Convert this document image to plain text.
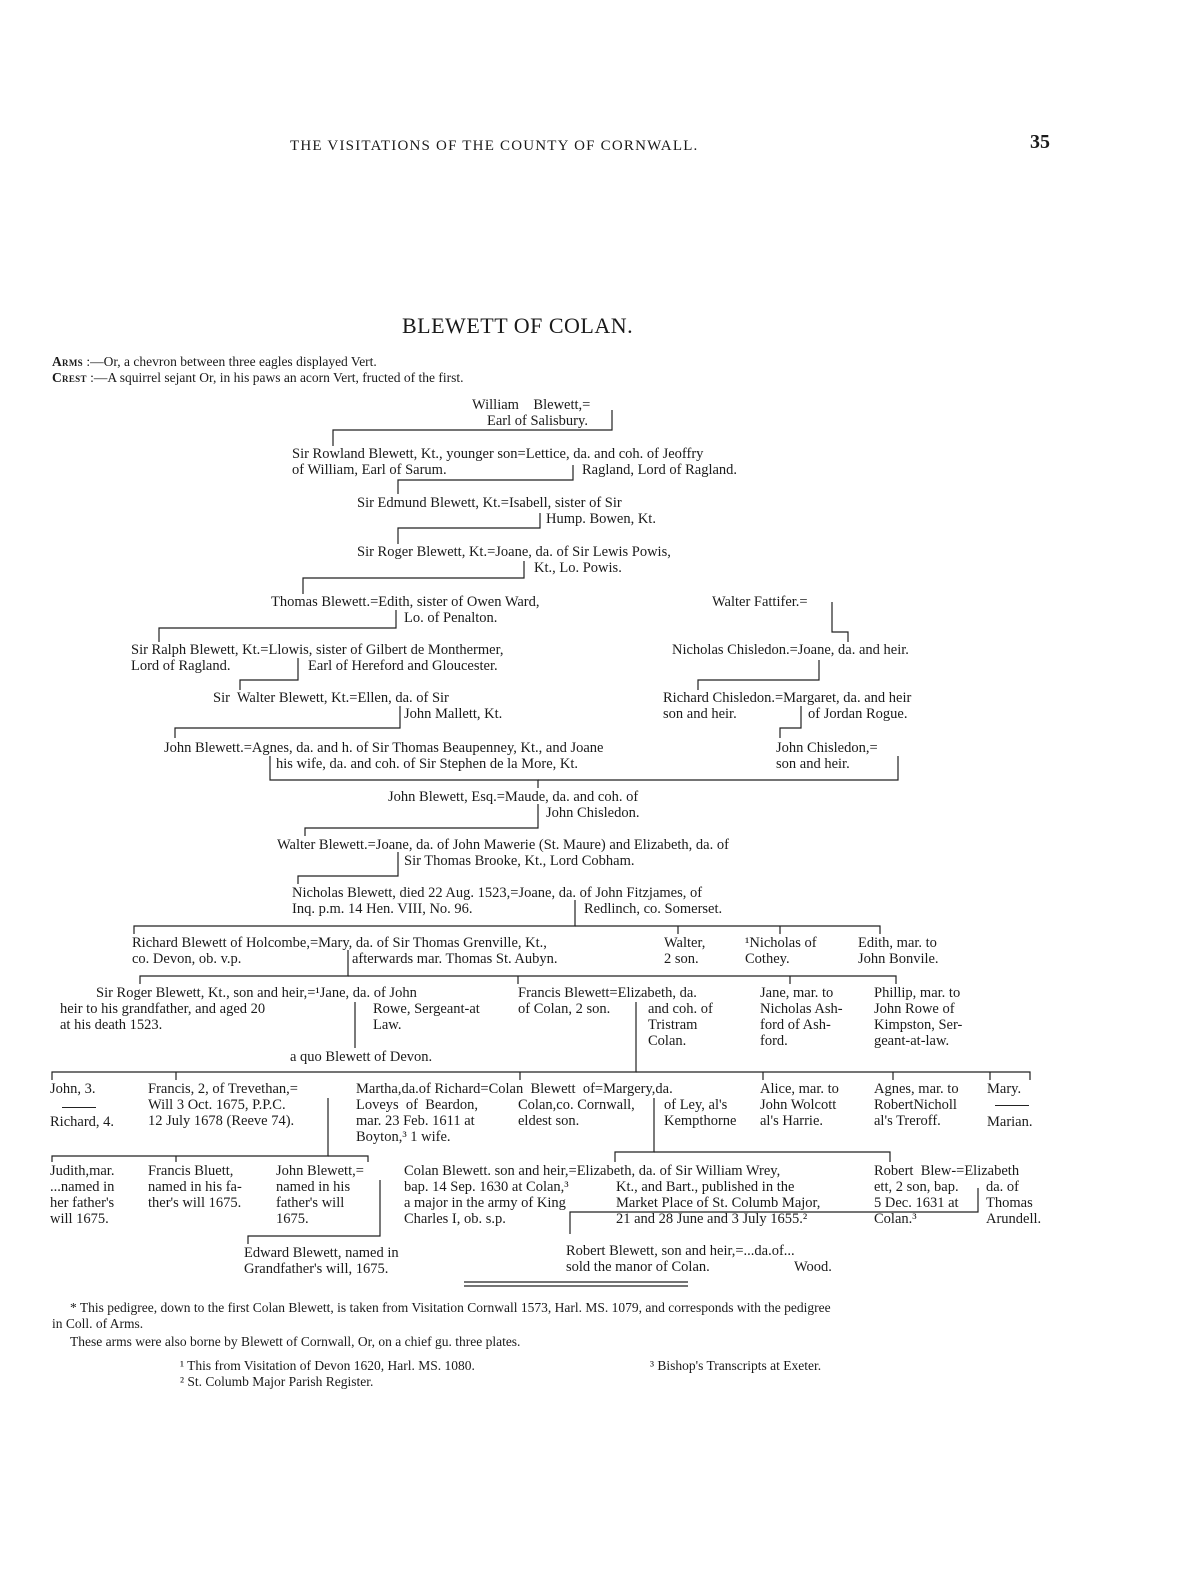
THE VISITATIONS OF THE COUNTY OF CORNWALL.	35
BLEWETT OF COLAN.
Arms :—Or, a chevron between three eagles displayed Vert.
Crest :—A squirrel sejant Or, in his paws an acorn Vert, fructed of the first.
William    Blewett,=
Earl of Salisbury.
Sir Rowland Blewett, Kt., younger son=Lettice, da. and coh. of Jeoffry
of William, Earl of Sarum.	Ragland, Lord of Ragland.
Sir Edmund Blewett, Kt.=Isabell, sister of Sir
Hump. Bowen, Kt.
Sir Roger Blewett, Kt.=Joane, da. of Sir Lewis Powis,
Kt., Lo. Powis.
Thomas Blewett.=Edith, sister of Owen Ward,
Lo. of Penalton.
Walter Fattifer.=
Sir Ralph Blewett, Kt.=Llowis, sister of Gilbert de Monthermer,
Lord of Ragland.	Earl of Hereford and Gloucester.
Nicholas Chisledon.=Joane, da. and heir.
Sir  Walter Blewett, Kt.=Ellen, da. of Sir
John Mallett, Kt.
Richard Chisledon.=Margaret, da. and heir
son and heir.	of Jordan Rogue.
John Blewett.=Agnes, da. and h. of Sir Thomas Beaupenney, Kt., and Joane
his wife, da. and coh. of Sir Stephen de la More, Kt.
John Chisledon,=
son and heir.
John Blewett, Esq.=Maude, da. and coh. of
John Chisledon.
Walter Blewett.=Joane, da. of John Mawerie (St. Maure) and Elizabeth, da. of
Sir Thomas Brooke, Kt., Lord Cobham.
Nicholas Blewett, died 22 Aug. 1523,=Joane, da. of John Fitzjames, of
Inq. p.m. 14 Hen. VIII, No. 96.	Redlinch, co. Somerset.
Richard Blewett of Holcombe,=Mary, da. of Sir Thomas Grenville, Kt.,
co. Devon, ob. v.p.	afterwards mar. Thomas St. Aubyn.
Walter,
2 son.
¹Nicholas of
Cothey.
Edith, mar. to
John Bonvile.
Sir Roger Blewett, Kt., son and heir,=¹Jane, da. of John
heir to his grandfather, and aged 20
at his death 1523.
Rowe, Sergeant-at
Law.
a quo Blewett of Devon.
Francis Blewett=Elizabeth, da.
of Colan, 2 son.	and coh. of
Tristram
Colan.
Jane, mar. to
Nicholas Ash-
ford of Ash-
ford.
Phillip, mar. to
John Rowe of
Kimpston, Ser-
geant-at-law.
John, 3.
Richard, 4.
Francis, 2, of Trevethan,=
Will 3 Oct. 1675, P.P.C.
12 July 1678 (Reeve 74).
Martha,da.of Richard=Colan  Blewett  of=Margery,da.
Loveys  of  Beardon,
mar. 23 Feb. 1611 at
Boyton,³ 1 wife.
Colan,co. Cornwall,
eldest son.
of Ley, al's
Kempthorne
Alice, mar. to
John Wolcott
al's Harrie.
Agnes, mar. to
RobertNicholl
al's Treroff.
Mary.
Marian.
Judith,mar.
...named in
her father's
will 1675.
Francis Bluett,
named in his fa-
ther's will 1675.
John Blewett,=
named in his
father's will
1675.
Colan Blewett. son and heir,=Elizabeth, da. of Sir William Wrey,
bap. 14 Sep. 1630 at Colan,³
a major in the army of King
Charles I, ob. s.p.
Kt., and Bart., published in the
Market Place of St. Columb Major,
21 and 28 June and 3 July 1655.²
Robert  Blew-=Elizabeth
ett, 2 son, bap.
5 Dec. 1631 at
Colan.³
da. of
Thomas
Arundell.
Edward Blewett, named in
Grandfather's will, 1675.
Robert Blewett, son and heir,=...da.of...
sold the manor of Colan.	Wood.
* This pedigree, down to the first Colan Blewett, is taken from Visitation Cornwall 1573, Harl. MS. 1079, and corresponds with the pedigree
in Coll. of Arms.
These arms were also borne by Blewett of Cornwall, Or, on a chief gu. three plates.
¹ This from Visitation of Devon 1620, Harl. MS. 1080.	³ Bishop's Transcripts at Exeter.
² St. Columb Major Parish Register.
